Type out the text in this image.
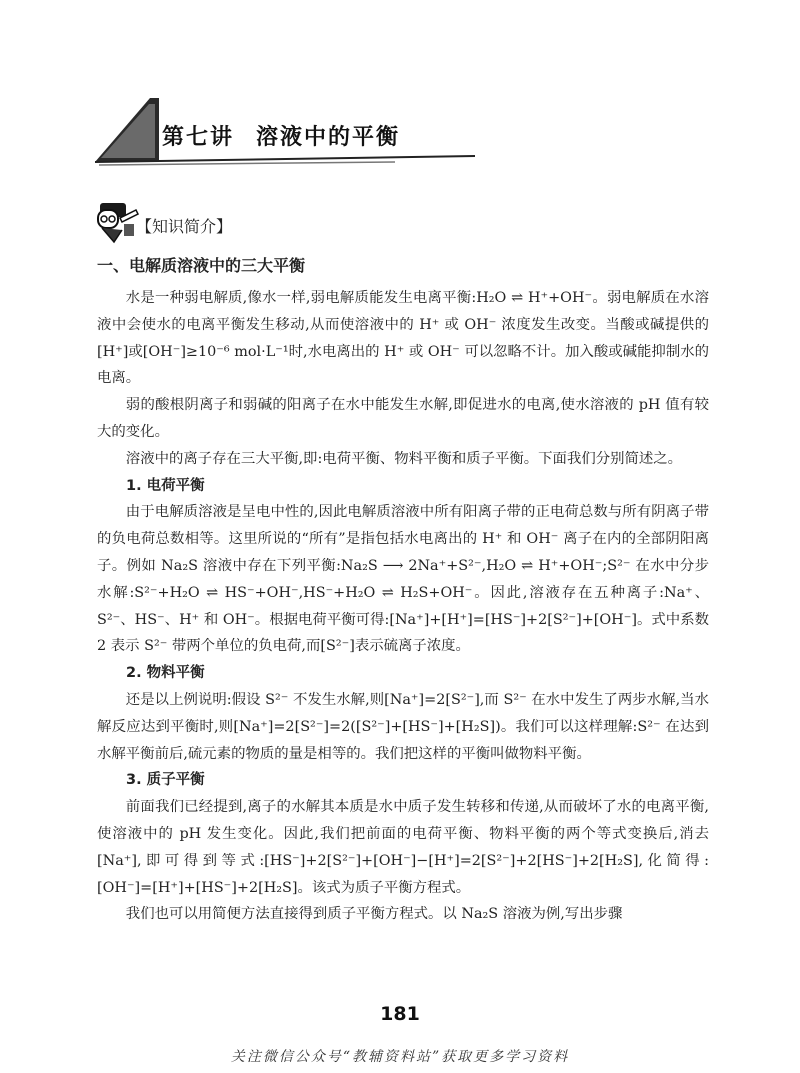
第七讲 溶液中的平衡
【知识简介】
一、电解质溶液中的三大平衡

水是一种弱电解质,像水一样,弱电解质能发生电离平衡:H₂O ⇌ H⁺+OH⁻。弱电解质在水溶液中会使水的电离平衡发生移动,从而使溶液中的 H⁺ 或 OH⁻ 浓度发生改变。当酸或碱提供的[H⁺]或[OH⁻]≥10⁻⁶ mol·L⁻¹时,水电离出的 H⁺ 或 OH⁻ 可以忽略不计。加入酸或碱能抑制水的电离。

弱的酸根阴离子和弱碱的阳离子在水中能发生水解,即促进水的电离,使水溶液的 pH 值有较大的变化。

溶液中的离子存在三大平衡,即:电荷平衡、物料平衡和质子平衡。下面我们分别简述之。

1. 电荷平衡

由于电解质溶液是呈电中性的,因此电解质溶液中所有阳离子带的正电荷总数与所有阴离子带的负电荷总数相等。这里所说的“所有”是指包括水电离出的 H⁺ 和 OH⁻ 离子在内的全部阴阳离子。例如 Na₂S 溶液中存在下列平衡:Na₂S ⟶ 2Na⁺+S²⁻,H₂O ⇌ H⁺+OH⁻;S²⁻ 在水中分步水解:S²⁻+H₂O ⇌ HS⁻+OH⁻,HS⁻+H₂O ⇌ H₂S+OH⁻。因此,溶液存在五种离子:Na⁺、S²⁻、HS⁻、H⁺ 和 OH⁻。根据电荷平衡可得:[Na⁺]+[H⁺]=[HS⁻]+2[S²⁻]+[OH⁻]。式中系数 2 表示 S²⁻ 带两个单位的负电荷,而[S²⁻]表示硫离子浓度。

2. 物料平衡

还是以上例说明:假设 S²⁻ 不发生水解,则[Na⁺]=2[S²⁻],而 S²⁻ 在水中发生了两步水解,当水解反应达到平衡时,则[Na⁺]=2[S²⁻]=2([S²⁻]+[HS⁻]+[H₂S])。我们可以这样理解:S²⁻ 在达到水解平衡前后,硫元素的物质的量是相等的。我们把这样的平衡叫做物料平衡。

3. 质子平衡

前面我们已经提到,离子的水解其本质是水中质子发生转移和传递,从而破坏了水的电离平衡,使溶液中的 pH 发生变化。因此,我们把前面的电荷平衡、物料平衡的两个等式变换后,消去[Na⁺],即可得到等式:[HS⁻]+2[S²⁻]+[OH⁻]−[H⁺]=2[S²⁻]+2[HS⁻]+2[H₂S],化简得:[OH⁻]=[H⁺]+[HS⁻]+2[H₂S]。该式为质子平衡方程式。

我们也可以用简便方法直接得到质子平衡方程式。以 Na₂S 溶液为例,写出步骤

181
关注微信公众号“教辅资料站”获取更多学习资料
